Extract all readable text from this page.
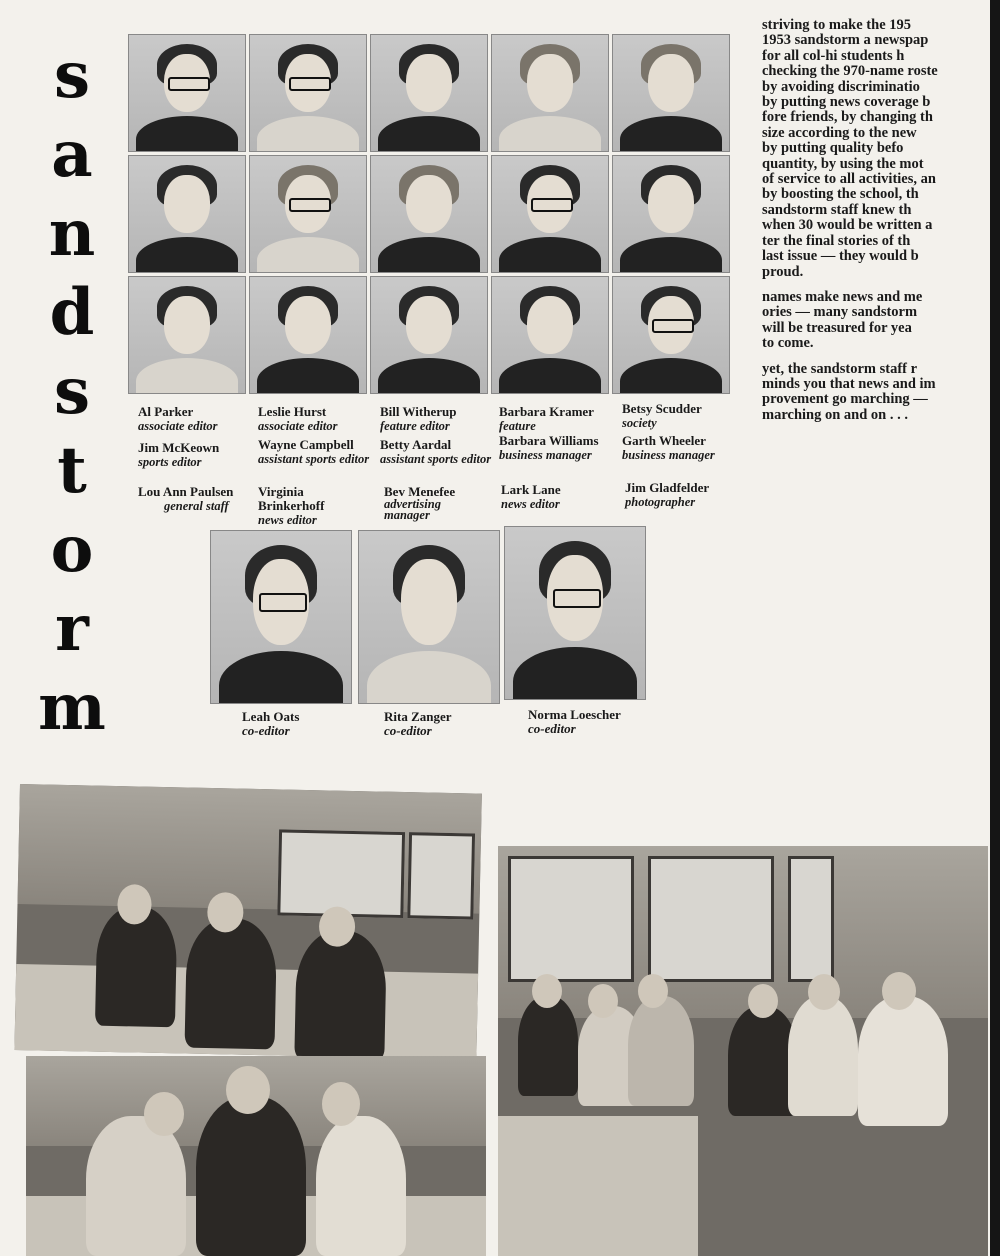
s
a
n
d
s
t
o
r
m
Al Parker
associate editor
Jim McKeown
sports editor
Lou Ann Paulsen
general staff
Leslie Hurst
associate editor
Wayne Campbell
assistant sports editor
Virginia Brinkerhoff
news editor
Bill Witherup
feature editor
Betty Aardal
assistant sports editor
Bev Menefee
advertising manager
Barbara Kramer
feature
Barbara Williams
business manager
Lark Lane
news editor
Betsy Scudder
society
Garth Wheeler
business manager
Jim Gladfelder
photographer
Leah Oats
co-editor
Rita Zanger
co-editor
Norma Loescher
co-editor

striving to make the 195
1953 sandstorm a newspap
for all col-hi students h
checking the 970-name roste
by avoiding discriminatio
by putting news coverage b
fore friends, by changing th
size according to the new
by putting quality befo
quantity, by using the mot
of service to all activities, an
by boosting the school, th
sandstorm staff knew th
when 30 would be written a
ter the final stories of th
last issue — they would b
proud.

names make news and me
ories — many sandstorm
will be treasured for yea
to come.

yet, the sandstorm staff r
minds you that news and im
provement go marching —
marching on and on . . .
